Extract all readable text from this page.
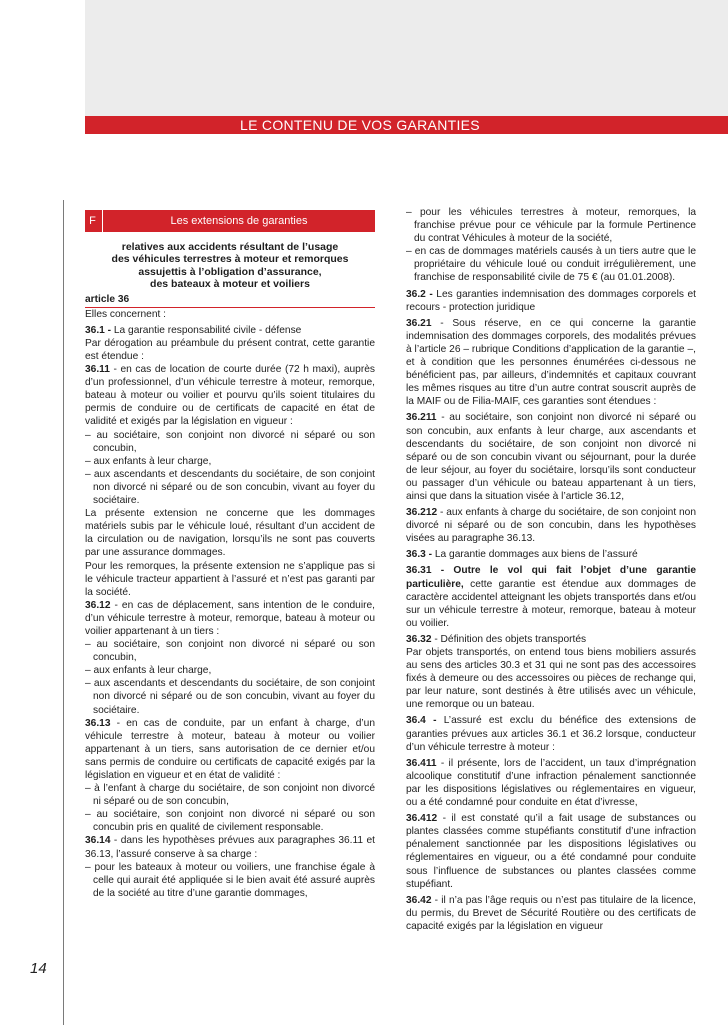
LE CONTENU DE VOS GARANTIES
14
F	Les extensions de garanties
relatives aux accidents résultant de l’usage
des véhicules terrestres à moteur et remorques
assujettis à l’obligation d’assurance,
des bateaux à moteur et voiliers

article 36

Elles concernent :

36.1 - La garantie responsabilité civile - défense

Par dérogation au préambule du présent contrat, cette garantie est étendue :

36.11 - en cas de location de courte durée (72 h maxi), auprès d’un professionnel, d’un véhicule terrestre à moteur, remorque, bateau à moteur ou voilier et pourvu qu’ils soient titulaires du permis de conduire ou de certificats de capacité en état de validité et exigés par la législation en vigueur :

– au sociétaire, son conjoint non divorcé ni séparé ou son concubin,

– aux enfants à leur charge,

– aux ascendants et descendants du sociétaire, de son conjoint non divorcé ni séparé ou de son concubin, vivant au foyer du sociétaire.

La présente extension ne concerne que les dommages matériels subis par le véhicule loué, résultant d’un accident de la circulation ou de navigation, lorsqu’ils ne sont pas couverts par une assurance dommages.

Pour les remorques, la présente extension ne s’applique pas si le véhicule tracteur appartient à l’assuré et n’est pas garanti par la société.

36.12 - en cas de déplacement, sans intention de le conduire, d’un véhicule terrestre à moteur, remorque, bateau à moteur ou voilier appartenant à un tiers :

– au sociétaire, son conjoint non divorcé ni séparé ou son concubin,

– aux enfants à leur charge,

– aux ascendants et descendants du sociétaire, de son conjoint non divorcé ni séparé ou de son concubin, vivant au foyer du sociétaire.

36.13 - en cas de conduite, par un enfant à charge, d’un véhicule terrestre à moteur, bateau à moteur ou voilier appartenant à un tiers, sans autorisation de ce dernier et/ou sans permis de conduire ou certificats de capacité exigés par la législation en vigueur et en état de validité :

– à l’enfant à charge du sociétaire, de son conjoint non divorcé ni séparé ou de son concubin,

– au sociétaire, son conjoint non divorcé ni séparé ou son concubin pris en qualité de civilement responsable.

36.14 - dans les hypothèses prévues aux paragraphes 36.11 et 36.13, l’assuré conserve à sa charge :

– pour les bateaux à moteur ou voiliers, une franchise égale à celle qui aurait été appliquée si le bien avait été assuré auprès de la société au titre d’une garantie dommages,

– pour les véhicules terrestres à moteur, remorques, la franchise prévue pour ce véhicule par la formule Pertinence du contrat Véhicules à moteur de la société,

– en cas de dommages matériels causés à un tiers autre que le propriétaire du véhicule loué ou conduit irrégulièrement, une franchise de responsabilité civile de 75 € (au 01.01.2008).

36.2 - Les garanties indemnisation des dommages corporels et recours - protection juridique

36.21 - Sous réserve, en ce qui concerne la garantie indemnisation des dommages corporels, des modalités prévues à l’article 26 – rubrique Conditions d’application de la garantie –, et à condition que les personnes énumérées ci-dessous ne bénéficient pas, par ailleurs, d’indemnités et capitaux couvrant les mêmes risques au titre d’un autre contrat souscrit auprès de la MAIF ou de Filia-MAIF, ces garanties sont étendues :

36.211 - au sociétaire, son conjoint non divorcé ni séparé ou son concubin, aux enfants à leur charge, aux ascendants et descendants du sociétaire, de son conjoint non divorcé ni séparé ou de son concubin vivant ou séjournant, pour la durée de leur séjour, au foyer du sociétaire, lorsqu’ils sont conducteur ou passager d’un véhicule ou bateau appartenant à un tiers, ainsi que dans la situation visée à l’article 36.12,

36.212 - aux enfants à charge du sociétaire, de son conjoint non divorcé ni séparé ou de son concubin, dans les hypothèses visées au paragraphe 36.13.

36.3 - La garantie dommages aux biens de l’assuré

36.31 - Outre le vol qui fait l’objet d’une garantie particulière, cette garantie est étendue aux dommages de caractère accidentel atteignant les objets transportés dans et/ou sur un véhicule terrestre à moteur, remorque, bateau à moteur ou voilier.

36.32 - Définition des objets transportés

Par objets transportés, on entend tous biens mobiliers assurés au sens des articles 30.3 et 31 qui ne sont pas des accessoires fixés à demeure ou des accessoires ou pièces de rechange qui, par leur nature, sont destinés à être utilisés avec un véhicule, une remorque ou un bateau.

36.4 - L’assuré est exclu du bénéfice des extensions de garanties prévues aux articles 36.1 et 36.2 lorsque, conducteur d’un véhicule terrestre à moteur :

36.411 - il présente, lors de l’accident, un taux d’imprégnation alcoolique constitutif d’une infraction pénalement sanctionnée par les dispositions législatives ou réglementaires en vigueur, ou a été condamné pour conduite en état d’ivresse,

36.412 - il est constaté qu’il a fait usage de substances ou plantes classées comme stupéfiants constitutif d’une infraction pénalement sanctionnée par les dispositions législatives ou réglementaires en vigueur, ou a été condamné pour conduite sous l’influence de substances ou plantes classées comme stupéfiant.

36.42 - il n’a pas l’âge requis ou n’est pas titulaire de la licence, du permis, du Brevet de Sécurité Routière ou des certificats de capacité exigés par la législation en vigueur
